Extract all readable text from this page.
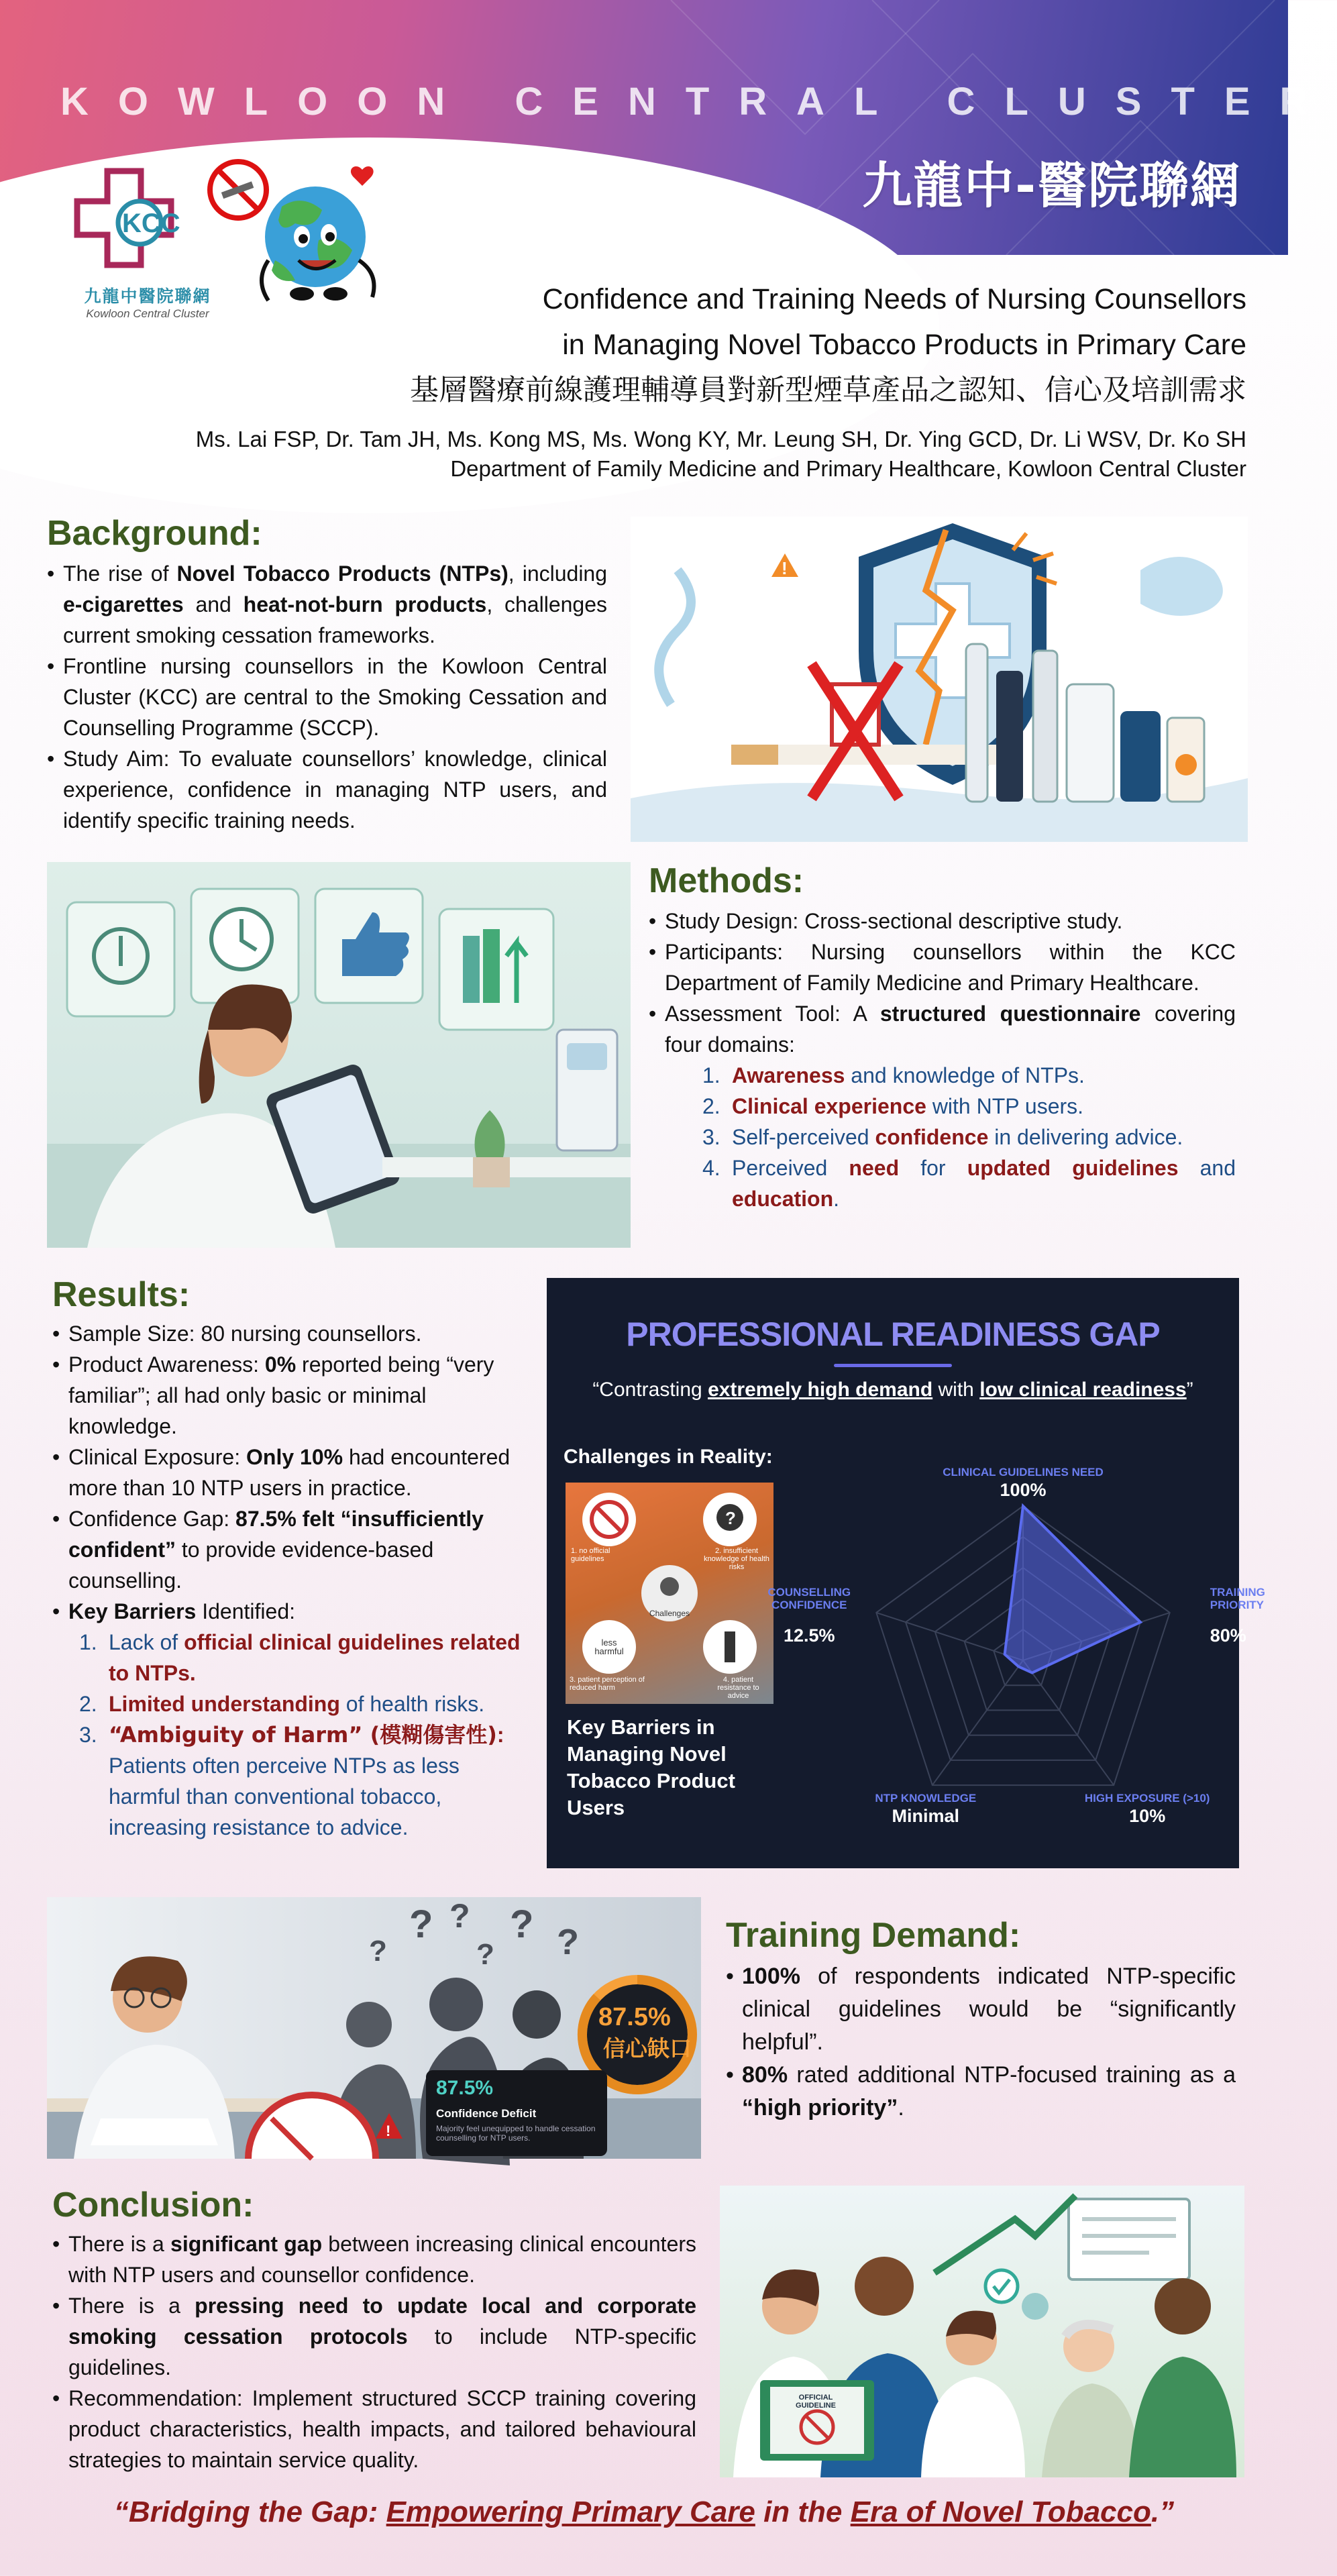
KOWLOON CENTRAL CLUSTER
九龍中-醫院聯網
KCC
九龍中醫院聯網
Kowloon Central Cluster	Confidence and Training Needs of Nursing Counsellors
in Managing Novel Tobacco Products in Primary Care
基層醫療前線護理輔導員對新型煙草產品之認知、信心及培訓需求
Ms. Lai FSP, Dr. Tam JH, Ms. Kong MS, Ms. Wong KY, Mr. Leung SH, Dr. Ying GCD, Dr. Li WSV, Dr. Ko SH
Department of Family Medicine and Primary Healthcare, Kowloon Central Cluster
Background:
• The rise of Novel Tobacco Products (NTPs), including e-cigarettes and heat-not-burn products, challenges current smoking cessation frameworks.
• Frontline nursing counsellors in the Kowloon Central Cluster (KCC) are central to the Smoking Cessation and Counselling Programme (SCCP).
• Study Aim: To evaluate counsellors’ knowledge, clinical experience, confidence in managing NTP users, and identify specific training needs.
!
Methods:
• Study Design: Cross-sectional descriptive study.
• Participants: Nursing counsellors within the KCC Department of Family Medicine and Primary Healthcare.
• Assessment Tool: A structured questionnaire covering four domains:
1. Awareness and knowledge of NTPs.
2. Clinical experience with NTP users.
3. Self-perceived confidence in delivering advice.
4. Perceived need for updated guidelines and education.
Results:
• Sample Size: 80 nursing counsellors.
• Product Awareness: 0% reported being “very familiar”; all had only basic or minimal knowledge.
• Clinical Exposure: Only 10% had encountered more than 10 NTP users in practice.
• Confidence Gap: 87.5% felt “insufficiently confident” to provide evidence-based counselling.
• Key Barriers Identified:
1. Lack of official clinical guidelines related to NTPs.
2. Limited understanding of health risks.
3. “Ambiguity of Harm” (模糊傷害性):
Patients often perceive NTPs as less harmful than conventional tobacco, increasing resistance to advice.
PROFESSIONAL READINESS GAP
“Contrasting extremely high demand with low clinical readiness”
Challenges in Reality:
?
1. no official guidelines
2. insufficient knowledge of health risks
Challenges
less harmful
3. patient perception of reduced harm
4. patient resistance to advice
Key Barriers in Managing Novel Tobacco Product Users
CLINICAL GUIDELINES NEED
100%
TRAINING PRIORITY
80%
HIGH EXPOSURE (>10)
10%
NTP KNOWLEDGE
Minimal
COUNSELLING CONFIDENCE
12.5%
? ? ? ?
?	?
!
87.5%
信心缺口
87.5%
Confidence Deficit
Majority feel unequipped to handle cessation counselling for NTP users.
Training Demand:
• 100% of respondents indicated NTP-specific clinical guidelines would be “significantly helpful”.
• 80% rated additional NTP-focused training as a “high priority”.
Conclusion:
• There is a significant gap between increasing clinical encounters with NTP users and counsellor confidence.
• There is a pressing need to update local and corporate smoking cessation protocols to include NTP-specific guidelines.
• Recommendation: Implement structured SCCP training covering product characteristics, health impacts, and tailored behavioural strategies to maintain service quality.
OFFICIAL GUIDELINE
“Bridging the Gap: Empowering Primary Care in the Era of Novel Tobacco.”
